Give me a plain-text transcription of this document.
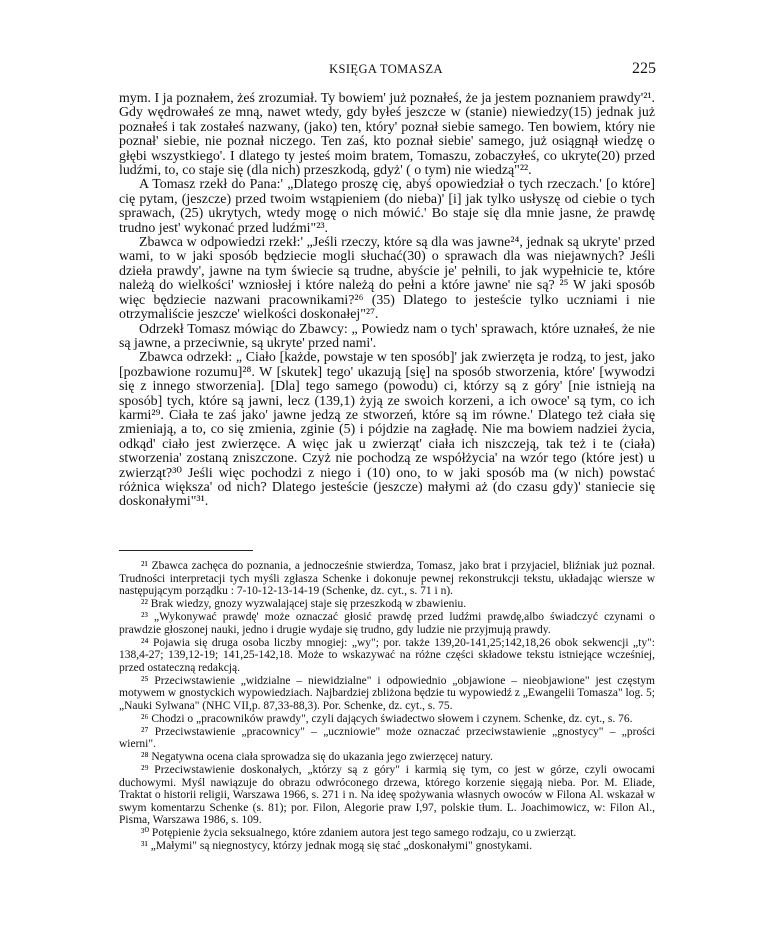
KSIĘGA TOMASZA	225

mym. I ja poznałem, żeś zrozumiał. Ty bowiem' już poznałeś, że ja jestem poznaniem prawdy'²¹. Gdy wędrowałeś ze mną, nawet wtedy, gdy byłeś jeszcze w (stanie) niewiedzy(15) jednak już poznałeś i tak zostałeś nazwany, (jako) ten, który' poznał siebie samego. Ten bowiem, który nie poznał' siebie, nie poznał niczego. Ten zaś, kto poznał siebie' samego, już osiągnął wiedzę o głębi wszystkiego'. I dlatego ty jesteś moim bratem, Tomaszu, zobaczyłeś, co ukryte(20) przed ludźmi, to, co staje się (dla nich) przeszkodą, gdyż' ( o tym) nie wiedzą"²².

A Tomasz rzekł do Pana:' „Dlatego proszę cię, abyś opowiedział o tych rzeczach.' [o które] cię pytam, (jeszcze) przed twoim wstąpieniem (do nieba)' [i] jak tylko usłyszę od ciebie o tych sprawach, (25) ukrytych, wtedy mogę o nich mówić.' Bo staje się dla mnie jasne, że prawdę trudno jest' wykonać przed ludźmi"²³.

Zbawca w odpowiedzi rzekł:' „Jeśli rzeczy, które są dla was jawne²⁴, jednak są ukryte' przed wami, to w jaki sposób będziecie mogli słuchać(30) o sprawach dla was niejawnych? Jeśli dzieła prawdy', jawne na tym świecie są trudne, abyście je' pełnili, to jak wypełnicie te, które należą do wielkości' wzniosłej i które należą do pełni a które jawne' nie są? ²⁵ W jaki sposób więc będziecie nazwani pracownikami?²⁶ (35) Dlatego to jesteście tylko uczniami i nie otrzymaliście jeszcze' wielkości doskonałej"²⁷.

Odrzekł Tomasz mówiąc do Zbawcy: „ Powiedz nam o tych' sprawach, które uznałeś, że nie są jawne, a przeciwnie, są ukryte' przed nami'.

Zbawca odrzekł: „ Ciało [każde, powstaje w ten sposób]' jak zwierzęta je rodzą, to jest, jako [pozbawione rozumu]²⁸. W [skutek] tego' ukazują [się] na sposób stworzenia, które' [wywodzi się z innego stworzenia]. [Dla] tego samego (powodu) ci, którzy są z góry' [nie istnieją na sposób] tych, które są jawni, lecz (139,1) żyją ze swoich korzeni, a ich owoce' są tym, co ich karmi²⁹. Ciała te zaś jako' jawne jedzą ze stworzeń, które są im równe.' Dlatego też ciała się zmieniają, a to, co się zmienia, zginie (5) i pójdzie na zagładę. Nie ma bowiem nadziei życia, odkąd' ciało jest zwierzęce. A więc jak u zwierząt' ciała ich niszczeją, tak też i te (ciała) stworzenia' zostaną zniszczone. Czyż nie pochodzą ze współżycia' na wzór tego (które jest) u zwierząt?³⁰ Jeśli więc pochodzi z niego i (10) ono, to w jaki sposób ma (w nich) powstać różnica większa' od nich? Dlatego jesteście (jeszcze) małymi aż (do czasu gdy)' staniecie się doskonałymi"³¹.

²¹ Zbawca zachęca do poznania, a jednocześnie stwierdza, Tomasz, jako brat i przyjaciel, bliźniak już poznał. Trudności interpretacji tych myśli zgłasza Schenke i dokonuje pewnej rekonstrukcji tekstu, układając wiersze w następującym porządku : 7-10-12-13-14-19 (Schenke, dz. cyt., s. 71 i n).

²² Brak wiedzy, gnozy wyzwalającej staje się przeszkodą w zbawieniu.

²³ „Wykonywać prawdę' może oznaczać głosić prawdę przed ludźmi prawdę,albo świadczyć czynami o prawdzie głoszonej nauki, jedno i drugie wydaje się trudno, gdy ludzie nie przyjmują prawdy.

²⁴ Pojawia się druga osoba liczby mnogiej: „wy"; por. także 139,20-141,25;142,18,26 obok sekwencji „ty": 138,4-27; 139,12-19; 141,25-142,18. Może to wskazywać na różne części składowe tekstu istniejące wcześniej, przed ostateczną redakcją.

²⁵ Przeciwstawienie „widzialne – niewidzialne" i odpowiednio „objawione – nieobjawione" jest częstym motywem w gnostyckich wypowiedziach. Najbardziej zbliżona będzie tu wypowiedź z „Ewangelii Tomasza" log. 5; „Nauki Sylwana" (NHC VII,p. 87,33-88,3). Por. Schenke, dz. cyt., s. 75.

²⁶ Chodzi o „pracowników prawdy", czyli dających świadectwo słowem i czynem. Schenke, dz. cyt., s. 76.

²⁷ Przeciwstawienie „pracownicy" – „uczniowie" może oznaczać przeciwstawienie „gnostycy" – „prości wierni".

²⁸ Negatywna ocena ciała sprowadza się do ukazania jego zwierzęcej natury.

²⁹ Przeciwstawienie doskonałych, „którzy są z góry" i karmią się tym, co jest w górze, czyli owocami duchowymi. Myśl nawiązuje do obrazu odwróconego drzewa, którego korzenie sięgają nieba. Por. M. Eliade, Traktat o historii religii, Warszawa 1966, s. 271 i n. Na ideę spożywania własnych owoców w Filonа Al. wskazał w swym komentarzu Schenke (s. 81); por. Filon, Alegorie praw I,97, polskie tłum. L. Joachimowicz, w: Filon Al., Pisma, Warszawa 1986, s. 109.

³⁰ Potępienie życia seksualnego, które zdaniem autora jest tego samego rodzaju, co u zwierząt.

³¹ „Małymi" są niegnostycy, którzy jednak mogą się stać „doskonałymi" gnostykami.
